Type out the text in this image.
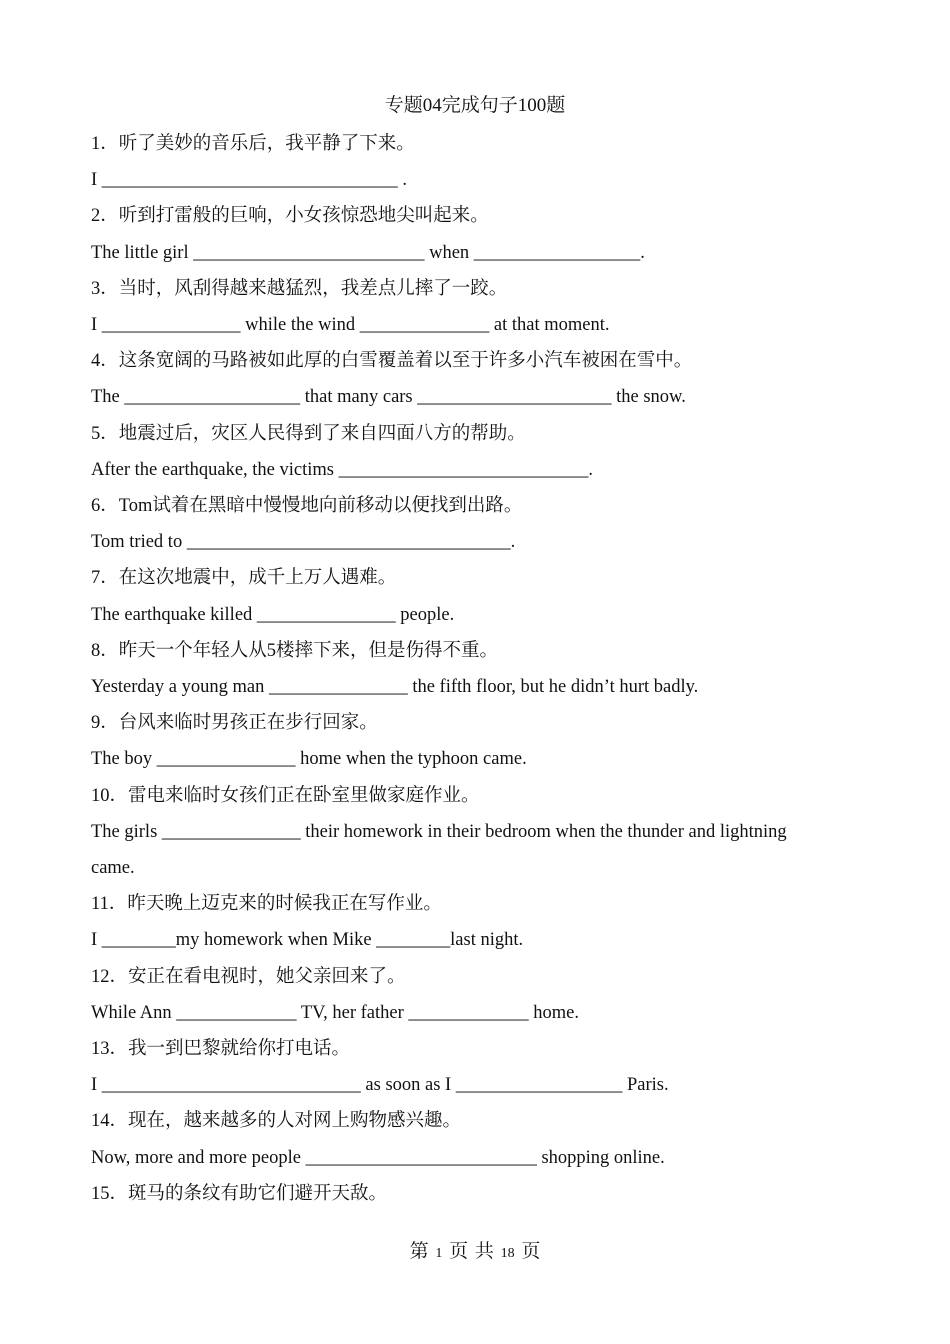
专题04完成句子100题
1．听了美妙的音乐后，我平静了下来。
I ________________________________ .
2．听到打雷般的巨响，小女孩惊恐地尖叫起来。
The little girl _________________________ when __________________.
3．当时，风刮得越来越猛烈，我差点儿摔了一跤。
I _______________ while the wind ______________ at that moment.
4．这条宽阔的马路被如此厚的白雪覆盖着以至于许多小汽车被困在雪中。
The ___________________ that many cars _____________________ the snow.
5．地震过后，灾区人民得到了来自四面八方的帮助。
After the earthquake, the victims ___________________________.
6．Tom试着在黑暗中慢慢地向前移动以便找到出路。
Tom tried to ___________________________________.
7．在这次地震中，成千上万人遇难。
The earthquake killed _______________ people.
8．昨天一个年轻人从5楼摔下来，但是伤得不重。
Yesterday a young man _______________ the fifth floor, but he didn’t hurt badly.
9．台风来临时男孩正在步行回家。
The boy _______________ home when the typhoon came.
10．雷电来临时女孩们正在卧室里做家庭作业。
The girls _______________ their homework in their bedroom when the thunder and lightning came.
11．昨天晚上迈克来的时候我正在写作业。
I ________my homework when Mike ________last night.
12．安正在看电视时，她父亲回来了。
While Ann _____________ TV, her father _____________ home.
13．我一到巴黎就给你打电话。
I ____________________________ as soon as I __________________ Paris.
14．现在，越来越多的人对网上购物感兴趣。
Now, more and more people _________________________ shopping online.
15．斑马的条纹有助它们避开天敌。
第 1 页 共 18 页
